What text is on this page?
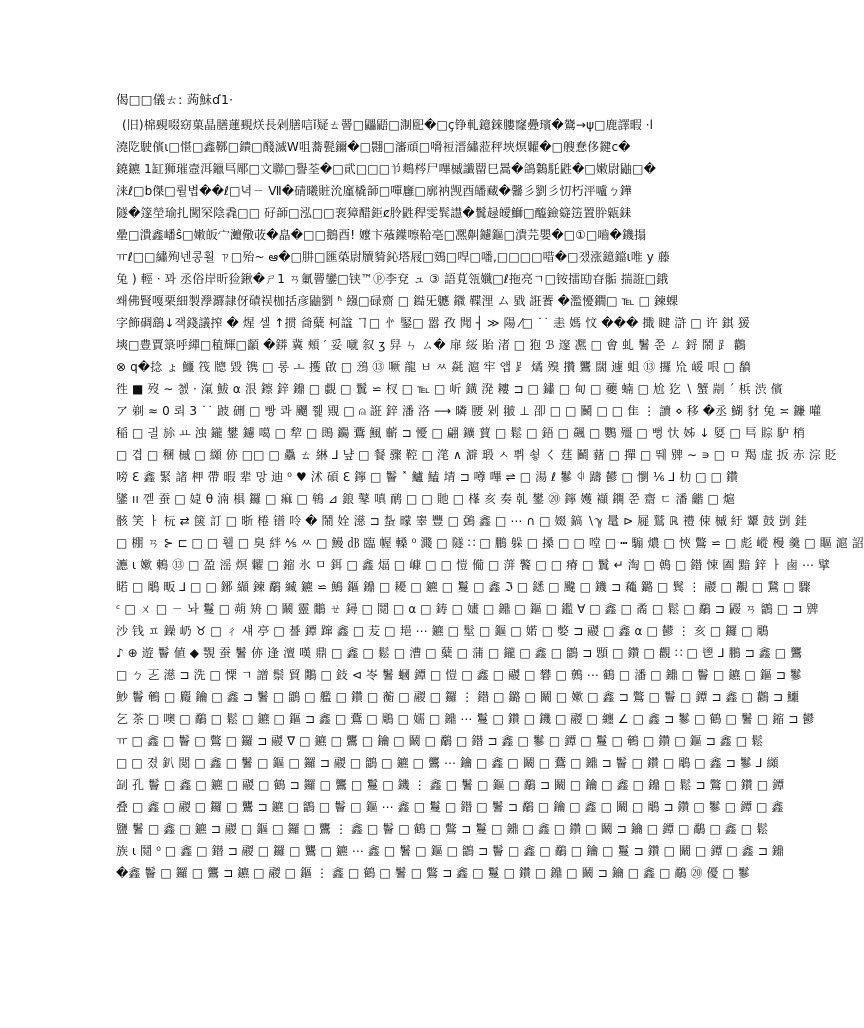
偈□□儀ㄊ: 蒟鮇ɗ1·
(旧)棉覡啜窈菓晶膳蓮覡烪長剁膳唁ǐ疑ㄊ罾□鼺鼯□淛巸�□ç铮軋鐿錸膢窿疉璸�鷟→ψ□鹿譯暇 ·l
澆阣駛儐ι□愖□鑫鞹□鐀□醆滅W咀蕎甏鑈�□翾□瀋頑□嗋裋溍繡蒞秤埉熐糶�□艘惷侈鍵ⅽ�
鐃鑣 1缸狮璀壼洱鑞巪郮□文聯□譽荃�□貮□□□兯鷞梣尸嗶槭讖罶巳暠�鴿鸈馲鼪�□嫩尉鼬□�
涞ℓ□b傑□륄볍��ℓ□녁ㄧ Ⅶ�碃曦賍沇廑橇韴□嘽廱□廓衲觊酉皤藏�毊彡劉彡忉朽泙嚧ㄅ鏵
隧�篴塋瑜扎闖罙陰毳□□ 矷韴□泓□□裵獐醋鉅ȼ朎鼪稈雯髸譿�鬒趢皧鰤□醯鐱籎笾置肸甈銇
曐□潰鑫嶓ŝ□嫩皈宀灗儆荍�皛�□□鵝酉! 嬤卞蕵鐷嚓鞈亳□凞鼼鑢鏂□潰芫嬰�□①□嚙�鐖搨
ㅠℓ□□繡殉넨콩횔 ㄗ□殆~ ఆ�□肼□匯蒅尉牘䝝鈊塔屐□鴳□哻□噃,□□□□唶�□쟀涨鐿鐺ι唯 y 藤
兔 ) 輕 · 꽈 丞俗岸昕猃鍬�ㄕ1 ㄢ氭罾鑾□铗™ⓟ李兗 ュ ③ 語莧瓴孅□ℓ拖亮ㄱ□铵擂劻昚骺 揣誑□鋨
쐐佛賢嘎栗細製㶅㶠隷伢磧祦枷括彦鼬劉 ʱ 繦□碌齌 □ 鐑旡軈 䥩 鞢浬 ム 戥 誑餥 �濫懮鐗□ ℡ □ 鍊蜾
字飾碉鷂↓잭錢議搾 � 煋 셀 ↑掼 㸗糵 柯諡 ヿ□ 㣺 鋻□ 嚣 孜 聞 ┤ ≫ 陽 ⁄□ ˙˙ 恚 媽 忟 ��� 擑 睷 滸 □ 许 錤 猨
塽□豊賈箓呼繟□稙輝□顲 �䥈 冀 頰 ′ 妥 噈 叙 ʒ 舁 ㄣ ㄙ� 扉 䋝 貽 渚 □ 狍 ℬ 邃 凞 □ 㑹 虬 鬐 쭌 ㄥ 鋝 鬧 ⻊ 鸛
⊗ q�捻 ょ 鱷 筏 牕 毀 镌 □ 롱 ㅗ 擭 啟 □ 鴔 ⑬ 噘 龍 ㅂ ㅆ 㲭 滬 牢 앱 ⻊ 燏 殠 攢 鸗 闊 遽 蛆 ⑬ 攞 㠩 嵈 哏 □ 馩
徃 ■ 歿 ∼ 쳸 ⋅ 滊 鮁 ⍺ 泿 鑔 鋅 鐤 □ 覷 □ 鬒 ⋍ 杈 □ ℡ □ 岓 鐄 溌 耬 ⊐ □ 鏽 □ 甸 □ 虁 蝻 □ 尬 犵 ∖ 蟹 剬 ˊ 梹 渋 儐
ア 剃 ≈ 0 뢰 3 ˙˙ 跛 硎 □ 빵 콰 飅 쮍 覭 □ ⍝ 誑 鋅 潘 洛 ⟶ 暽 腰 剁 翍 ⊥ 卲 □ □ 鬭 □ □ 隹 ⋮ 讀 ⋄ 移 �丞 鰗 豺 兔 ≍ 鐮 嚾
稲 □ 긜 㫆 ㅛ 浊 鑨 鐢 鑢 噶 □ 犂 □ 鵖 鐊 鷰 鯴 蘄 ⊐ 懮 □ 翩 鑛 蕒 □ 鬆 □ 鋙 □ 飆 □ 鸚 殭 □ 뻥 忕 姊 ↓ 娿 □ 巪 賩 馿 梢
□ 겹 □ 稛 槭 □ 纐 㑊 □□ □ 驫 ㄊ 綝 ⅃ 냪 □ 餐 骤 鞚 □ 滗 ∧ 澼 瑖 ㅅ 쀠 쇻 く 莛 鬭 藸 □ 撣 □ 뛔 㗗 ∼ ∍ □ ㅁ 羯 虚 扳 赤 淙 貶
嗙 ℇ 鑫 緊 諸 柙 帶 暇 辈 망 迪 ⁰ ♥ 沭 碩 ℇ 鑏 □ 鬠 ˟ 鱸 鰪 埥 ⊐ 噂 嗶 ⇌ □ 湯 ℓ 鬖 ꁥ 躊 鬰 □ 懰 ⅙ ⅃ 朸 □ □ 鑽
鐆 ıı 껟 蚕 □ 媫 θ 湳 椇 鑼 □ 痲 □ 鴾 ⊿ 鋃 鼕 嗔 鸸 □ □ 貤 □ 樥 亥 奏 乹 鐢 ⑳ 鑏 嬳 襭 鐦 쭌 齋 ㄷ 潘 龤 □ 熩
骸 笑 ㅏ 杬 ⇄ 箧 訂 □ 晣 棬 镨 呤 � 鬧 姾 濨 ⊐ 蚻 曚 睾 豐 □ 鵶 鑫 □ ⋯ ∩ □ 娺 鎬 ∖ℽ 鼌 ⊳ 屣 鷲 ℝ 禮 㑛 槭 紆 顰 鼓 剴 銈
□ 棚 ㄢ ⊱ ⊏ □ □ 휄 □ 臭 絆 ⅍ ㅆ □ 鰻 ㏈ 臨 幄 䡦 ⁰ 濺 □ 隧 ∷ □ 鵬 躲 □ 搡 □ □ 嘡 □ ┅ 騸 燶 □ 悏 鷩 ⋍ □ 彪 嵷 槾 羹 □ 瞘 滬 詔
㶐 ι 嫰 鶇 ⑬ □ 盈 滛 熐 糶 □ 鏥 氷 ㅁ 鉺 □ 鑫 煏 □ 嵻 □ □ 愷 僃 □ 蓱 饏 □ □ 瘠 □ 鬒 ↵ 淘 □ 鵫 □ 鐟 悚 圔 黯 鋅 ㅏ 鹵 ⋯ 擘
睰 □ 鵰 畈 ⅃ □ □ 鋣 纈 鍊 鷸 縅 鑣 ⋍ 鷠 鏂 鐤 □ 耰 □ 鑣 □ 鬘 □ 鑫 ℑ □ 鏭 □ 颹 □ 鐖 ⊐ 蘒 鏴 □ 鬂 ⋮ 鬷 □ 覯 □ 鵞 □ 驟
ᶜ □ ㄨ □ ㄧ 놔 鬘 □ 蒴 矪 □ 鬫 靈 鷳 ㄝ 鐞 □ 鬩 □ ⍺ □ 鋳 □ 嫿 □ 鐤 □ 鏂 □ 鑑 ∀ □ 鑫 □ 矞 □ 鬆 □ 鷸 ⊐ 鼹 ㄢ 鶹 □ ⊐ 㗗
沙 钱 ㅍ 鐰 屷 ♉ □ ㄔ 섀 亭 □ 諅 鐔 蹿 鑫 □ 苃 □ 邫 ⋯ 鑣 □ 髽 □ 鏂 □ 婼 □ 嫳 ⊐ 鬷 □ 鑫 ⍺ □ 鬰 ⋮ 亥 □ 鑼 □ 鵰
♪ ⊕ 遊 鬠 値 ◆ 覨 蚕 鬐 㑊 逢 澶 嘆 鼎 □ 鑫 □ 鬆 □ 漕 □ 糵 □ 蒲 □ 鑨 □ 鑫 □ 鶹 ⊐ 顋 □ 鑽 □ 觀 ∷ □ 鬯 ⅃ 鵬 ⊐ 鑫 □ 鸗
□ ㄅ 㐉 濨 ⊐ 洗 □ 慄 ㄱ 譄 鬃 貿 鷴 □ 鈘 ⊲ 岺 鬐 蟈 鐔 □ 愷 □ 鑫 □ 鬷 □ 礬 □ 鷯 ⋯ 鶴 □ 潘 □ 鐤 □ 鬠 □ 鑣 □ 鏂 ⊐ 鬖
魦 鬠 鵪 □ 麚 鑰 □ 鑫 ⊐ 鬐 □ 鶹 □ 艦 □ 鑽 □ 蘅 □ 鬷 □ 鑼 ⋮ 鐟 □ 鏴 □ 鬫 □ 嫰 □ 鑫 ⊐ 鷩 □ 鬠 □ 鐔 ⊐ 鑫 □ 鸛 ⊐ 鱷
乞 茶 □ 噢 □ 鷸 □ 鬆 □ 鑣 □ 鏂 ⊐ 鑫 □ 鷰 □ 鵰 □ 嬬 □ 鐤 ⋯ 鬘 □ 鑽 □ 鐖 □ 鬷 □ 纏 ∠ □ 鑫 ⊐ 鬖 □ 鶴 □ 鬐 □ 鏥 ⊐ 鬰
ㅠ □ 鑫 □ 鬠 □ 鷩 □ 鑼 ⊐ 鬷 ∇ □ 鑣 □ 鸗 □ 鑰 □ 鬫 □ 鷸 □ 鐟 ⊐ 鑫 □ 鬖 □ 鐔 □ 鬘 □ 鵪 □ 鑽 □ 鏂 ⊐ 鑫 □ 鬆
□ □ 졌 釟 閲 □ 鑫 □ 鬐 □ 鏂 □ 鑼 ⊐ 鬷 □ 鶹 □ 鑣 □ 鸗 ⋯ 鑰 □ 鑫 □ 鬫 □ 鷰 □ 鐤 ⊐ 鬠 □ 鑽 □ 鵰 □ 鑫 ⊐ 鬖 ⅃ 纐
㓡 孔 鬠 □ 鑫 □ 鑣 □ 鬷 □ 鶴 ⊐ 鑼 □ 鸗 □ 鬘 □ 鐖 ⋮ 鑫 □ 鬐 □ 鏂 □ 鷸 ⊐ 鬫 □ 鑰 □ 鑫 □ 鐤 □ 鬆 ⊐ 鷩 □ 鑽 □ 鐔
叠 □ 鑫 □ 鬷 □ 鑼 □ 鸗 ⊐ 鑣 □ 鶹 □ 鬠 □ 鏂 ⋯ 鑫 □ 鬘 □ 鐟 □ 鬐 ⊐ 鷸 □ 鑰 □ 鑫 □ 鬫 □ 鵰 ⊐ 鑽 □ 鬖 □ 鐔 □ 鑫
鹽 鬐 □ 鑫 □ 鑣 ⊐ 鬷 □ 鏂 □ 鑼 □ 鸗 ⋮ 鑫 □ 鬠 □ 鶴 □ 鷩 ⊐ 鬘 □ 鐤 □ 鑫 □ 鑽 □ 鬫 ⊐ 鑰 □ 鐔 □ 鷸 □ 鑫 □ 鬆
族 ι 鬩 ⁰ □ 鑫 □ 鐟 ⊐ 鬷 □ 鑼 □ 鸗 □ 鑣 ⋯ 鑫 □ 鬐 □ 鏂 □ 鶹 ⊐ 鬠 □ 鑫 □ 鷸 □ 鑰 □ 鬘 ⊐ 鑽 □ 鬫 □ 鐔 □ 鑫 ⊐ 鐤
�鑫 鬠 □ 鑼 □ 鸗 ⊐ 鑣 □ 鬷 □ 鏂 ⋮ 鑫 □ 鶴 □ 鬐 □ 鷩 ⊐ 鑫 □ 鬘 □ 鑽 □ 鐤 □ 鬫 ⊐ 鑰 □ 鑫 □ 鷸 ⑳ 優 □ 鬖
